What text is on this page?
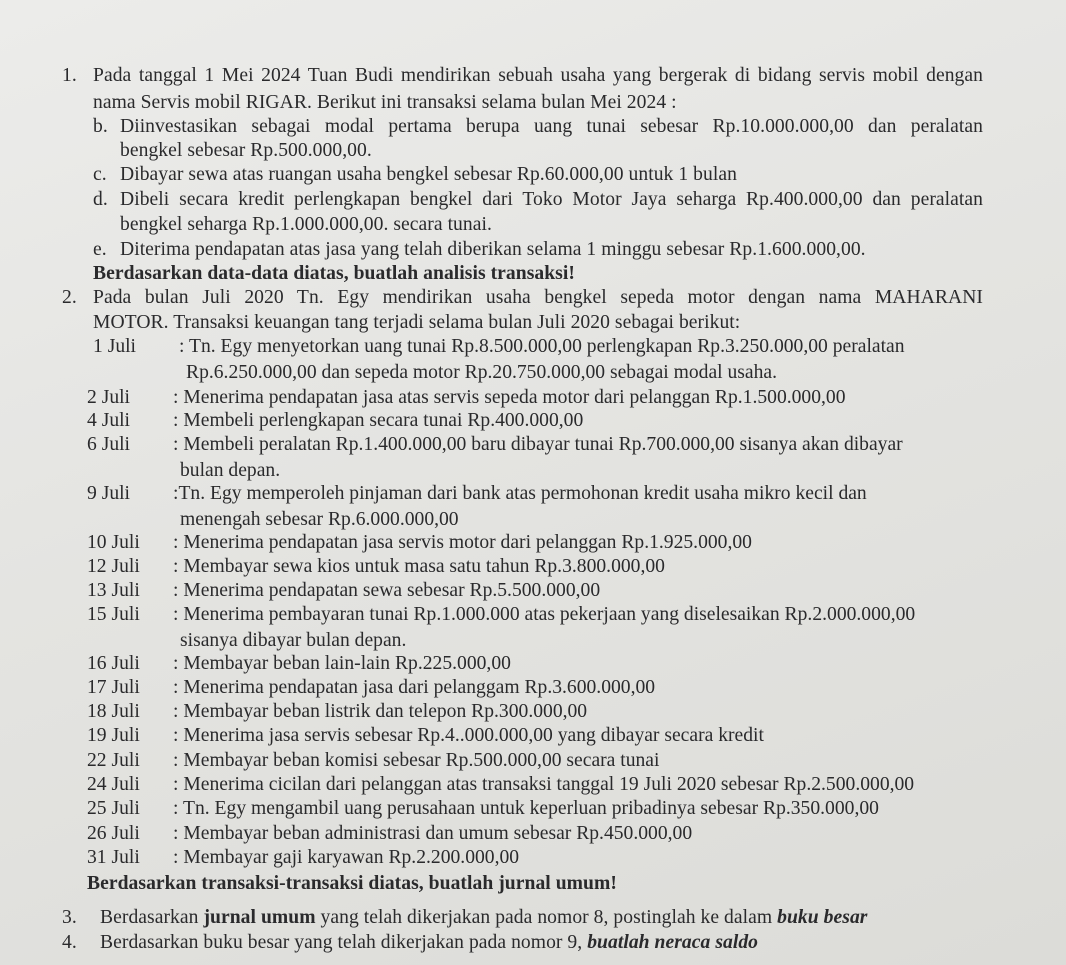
1. Pada tanggal 1 Mei 2024 Tuan Budi mendirikan sebuah usaha yang bergerak di bidang servis mobil dengan
nama Servis mobil RIGAR. Berikut ini transaksi selama bulan Mei 2024 :
b. Diinvestasikan sebagai modal pertama berupa uang tunai sebesar Rp.10.000.000,00 dan peralatan
bengkel sebesar Rp.500.000,00.
c. Dibayar sewa atas ruangan usaha bengkel sebesar Rp.60.000,00 untuk 1 bulan
d. Dibeli secara kredit perlengkapan bengkel dari Toko Motor Jaya seharga Rp.400.000,00 dan peralatan
bengkel seharga Rp.1.000.000,00. secara tunai.
e. Diterima pendapatan atas jasa yang telah diberikan selama 1 minggu sebesar Rp.1.600.000,00.
Berdasarkan data-data diatas, buatlah analisis transaksi!
2. Pada bulan Juli 2020 Tn. Egy mendirikan usaha bengkel sepeda motor dengan nama MAHARANI
MOTOR. Transaksi keuangan tang terjadi selama bulan Juli 2020 sebagai berikut:
1 Juli : Tn. Egy menyetorkan uang tunai Rp.8.500.000,00 perlengkapan Rp.3.250.000,00 peralatan
Rp.6.250.000,00 dan sepeda motor Rp.20.750.000,00 sebagai modal usaha.
2 Juli : Menerima pendapatan jasa atas servis sepeda motor dari pelanggan Rp.1.500.000,00
4 Juli : Membeli perlengkapan secara tunai Rp.400.000,00
6 Juli : Membeli peralatan Rp.1.400.000,00 baru dibayar tunai Rp.700.000,00 sisanya akan dibayar
bulan depan.
9 Juli :Tn. Egy memperoleh pinjaman dari bank atas permohonan kredit usaha mikro kecil dan
menengah sebesar Rp.6.000.000,00
10 Juli : Menerima pendapatan jasa servis motor dari pelanggan Rp.1.925.000,00
12 Juli : Membayar sewa kios untuk masa satu tahun Rp.3.800.000,00
13 Juli : Menerima pendapatan sewa sebesar Rp.5.500.000,00
15 Juli : Menerima pembayaran tunai Rp.1.000.000 atas pekerjaan yang diselesaikan Rp.2.000.000,00
sisanya dibayar bulan depan.
16 Juli : Membayar beban lain-lain Rp.225.000,00
17 Juli : Menerima pendapatan jasa dari pelanggam Rp.3.600.000,00
18 Juli : Membayar beban listrik dan telepon Rp.300.000,00
19 Juli : Menerima jasa servis sebesar Rp.4..000.000,00 yang dibayar secara kredit
22 Juli : Membayar beban komisi sebesar Rp.500.000,00 secara tunai
24 Juli : Menerima cicilan dari pelanggan atas transaksi tanggal 19 Juli 2020 sebesar Rp.2.500.000,00
25 Juli : Tn. Egy mengambil uang perusahaan untuk keperluan pribadinya sebesar Rp.350.000,00
26 Juli : Membayar beban administrasi dan umum sebesar Rp.450.000,00
31 Juli : Membayar gaji karyawan Rp.2.200.000,00
Berdasarkan transaksi-transaksi diatas, buatlah jurnal umum!
3. Berdasarkan jurnal umum yang telah dikerjakan pada nomor 8, postinglah ke dalam buku besar
4. Berdasarkan buku besar yang telah dikerjakan pada nomor 9, buatlah neraca saldo
